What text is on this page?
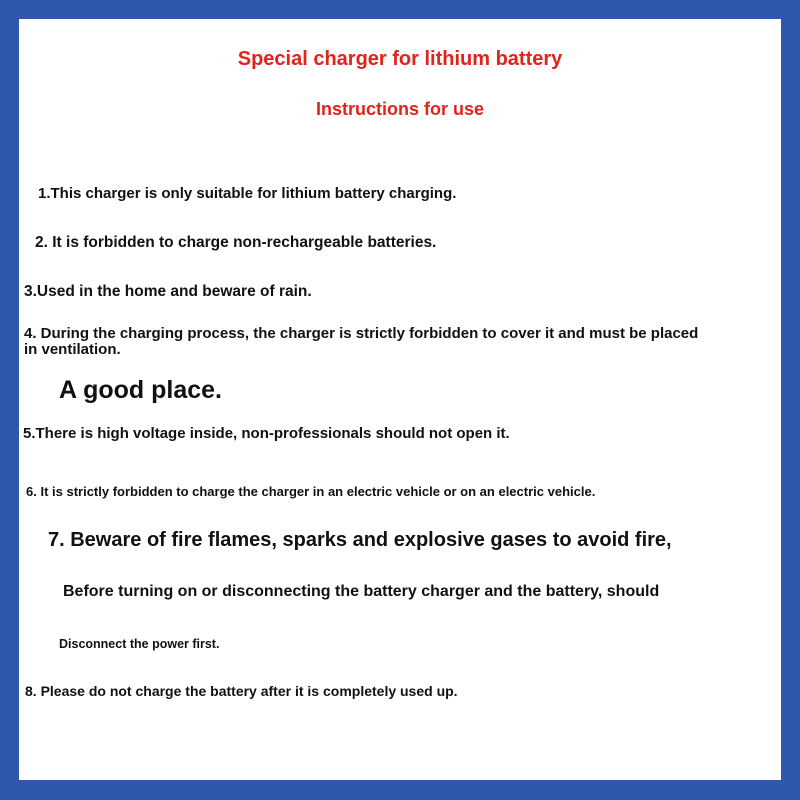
Special charger for lithium battery
Instructions for use
1.This charger is only suitable for lithium battery charging.
2. It is forbidden to charge non-rechargeable batteries.
3.Used in the home and beware of rain.
4. During the charging process, the charger is strictly forbidden to cover it and must be placed in ventilation.
A good place.
5.There is high voltage inside, non-professionals should not open it.
6. It is strictly forbidden to charge the charger in an electric vehicle or on an electric vehicle.
7. Beware of fire flames, sparks and explosive gases to avoid fire,
Before turning on or disconnecting the battery charger and the battery, should
Disconnect the power first.
8. Please do not charge the battery after it is completely used up.
